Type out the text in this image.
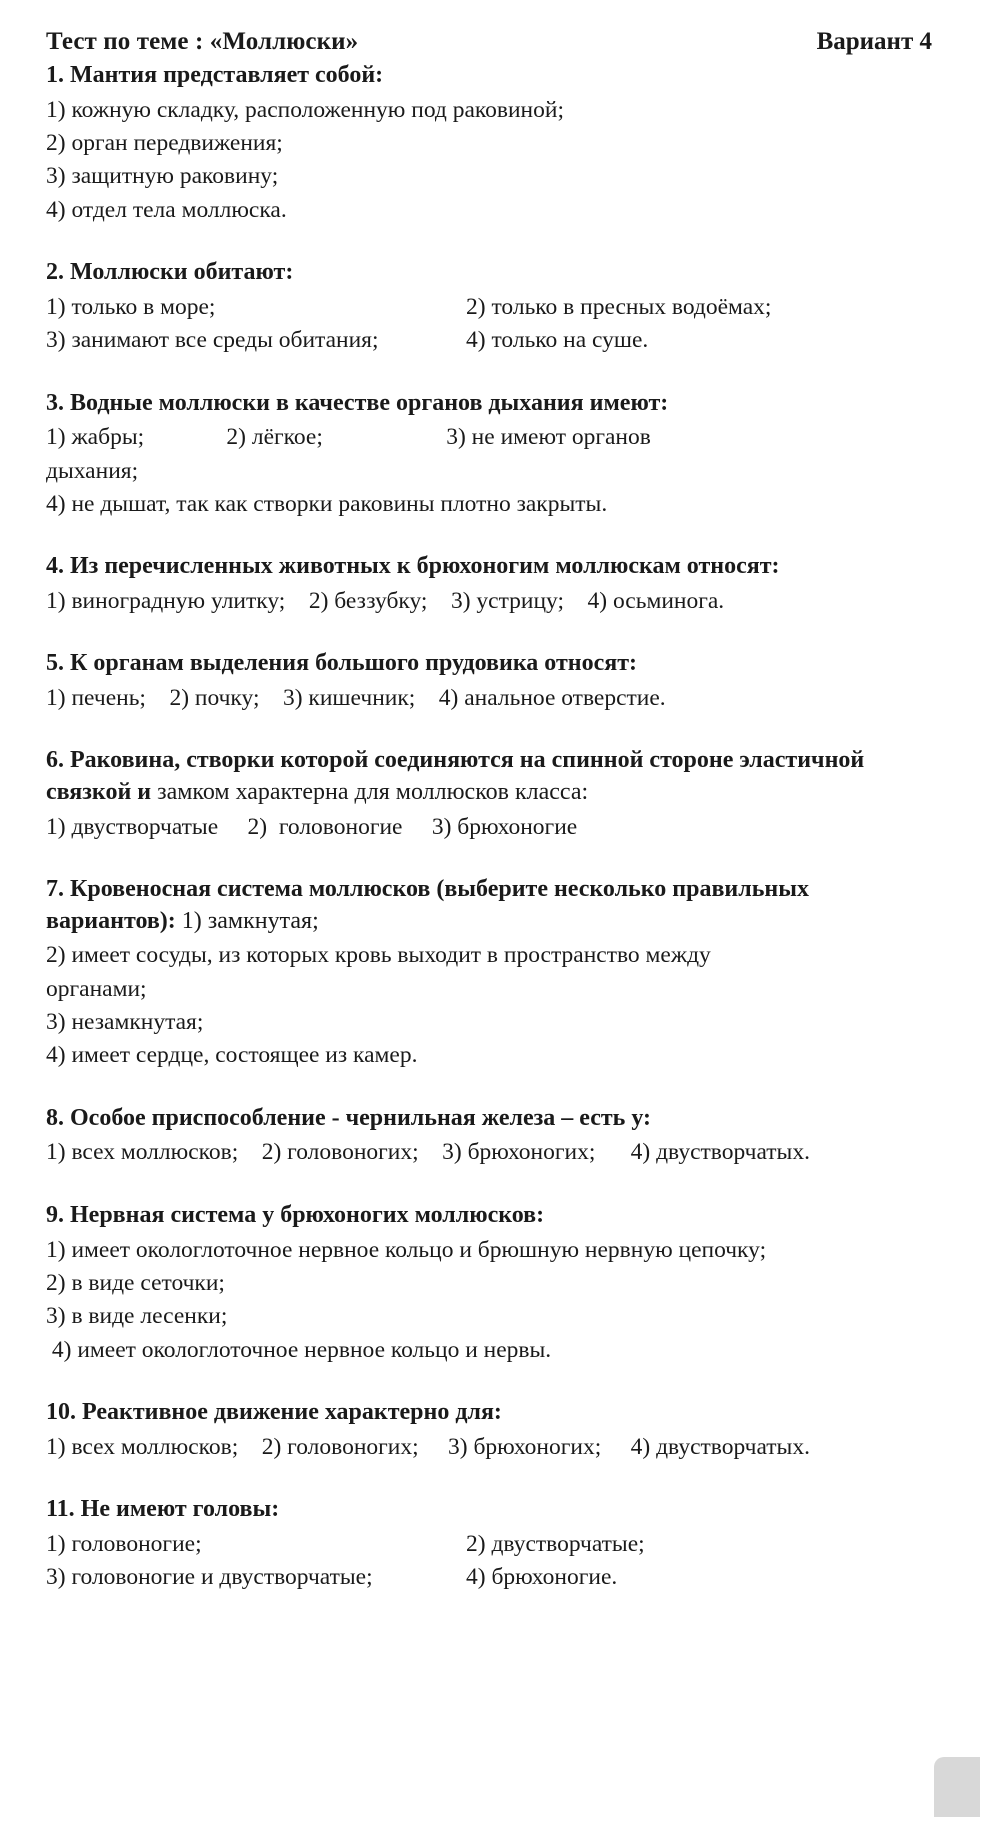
Тест по теме : «Моллюски»	Вариант 4
1. Мантия представляет собой:
1) кожную складку, расположенную под раковиной;
2) орган передвижения;
3) защитную раковину;
4) отдел тела моллюска.
2. Моллюски обитают:
1) только в море;	2) только в пресных водоёмах;
3) занимают все среды обитания;	4) только на суше.
3. Водные моллюски в качестве органов дыхания имеют:
1) жабры;              2) лёгкое;                     3) не имеют органов
дыхания;
4) не дышат, так как створки раковины плотно закрыты.
4. Из перечисленных животных к брюхоногим моллюскам относят:
1) виноградную улитку;    2) беззубку;    3) устрицу;    4) осьминога.
5. К органам выделения большого прудовика относят:
1) печень;    2) почку;    3) кишечник;    4) анальное отверстие.
6. Раковина, створки которой соединяются на спинной стороне эластичной связкой и замком характерна для моллюсков класса:
1) двустворчатые     2)  головоногие     3) брюхоногие
7. Кровеносная система моллюсков (выберите несколько правильных вариантов): 1) замкнутая;
2) имеет сосуды, из которых кровь выходит в пространство между
органами;
3) незамкнутая;
4) имеет сердце, состоящее из камер.
8. Особое приспособление - чернильная железа – есть у:
1) всех моллюсков;    2) головоногих;    3) брюхоногих;      4) двустворчатых.
9. Нервная система у брюхоногих моллюсков:
1) имеет окологлоточное нервное кольцо и брюшную нервную цепочку;
2) в виде сеточки;
3) в виде лесенки;
4) имеет окологлоточное нервное кольцо и нервы.
10. Реактивное движение характерно для:
1) всех моллюсков;    2) головоногих;     3) брюхоногих;     4) двустворчатых.
11. Не имеют головы:
1) головоногие;	2) двустворчатые;
3) головоногие и двустворчатые;	4) брюхоногие.
